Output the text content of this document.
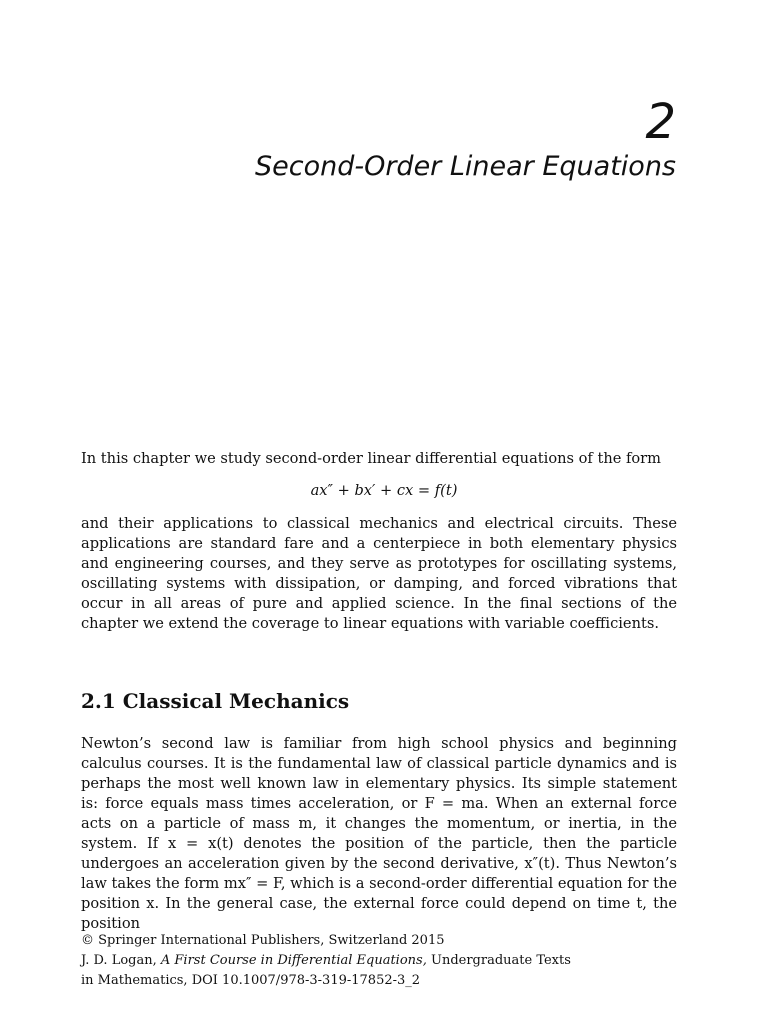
2
Second-Order Linear Equations

In this chapter we study second-order linear differential equations of the form

ax″ + bx′ + cx = f(t)

and their applications to classical mechanics and electrical circuits. These applications are standard fare and a centerpiece in both elementary physics and engineering courses, and they serve as prototypes for oscillating systems, oscillating systems with dissipation, or damping, and forced vibrations that occur in all areas of pure and applied science. In the final sections of the chapter we extend the coverage to linear equations with variable coefficients.

2.1 Classical Mechanics

Newton’s second law is familiar from high school physics and beginning calculus courses. It is the fundamental law of classical particle dynamics and is perhaps the most well known law in elementary physics. Its simple statement is: force equals mass times acceleration, or F = ma. When an external force acts on a particle of mass m, it changes the momentum, or inertia, in the system. If x = x(t) denotes the position of the particle, then the particle undergoes an acceleration given by the second derivative, x″(t). Thus Newton’s law takes the form mx″ = F, which is a second-order differential equation for the position x. In the general case, the external force could depend on time t, the position

© Springer International Publishers, Switzerland 2015
J. D. Logan, A First Course in Differential Equations, Undergraduate Texts
in Mathematics, DOI 10.1007/978-3-319-17852-3_2
